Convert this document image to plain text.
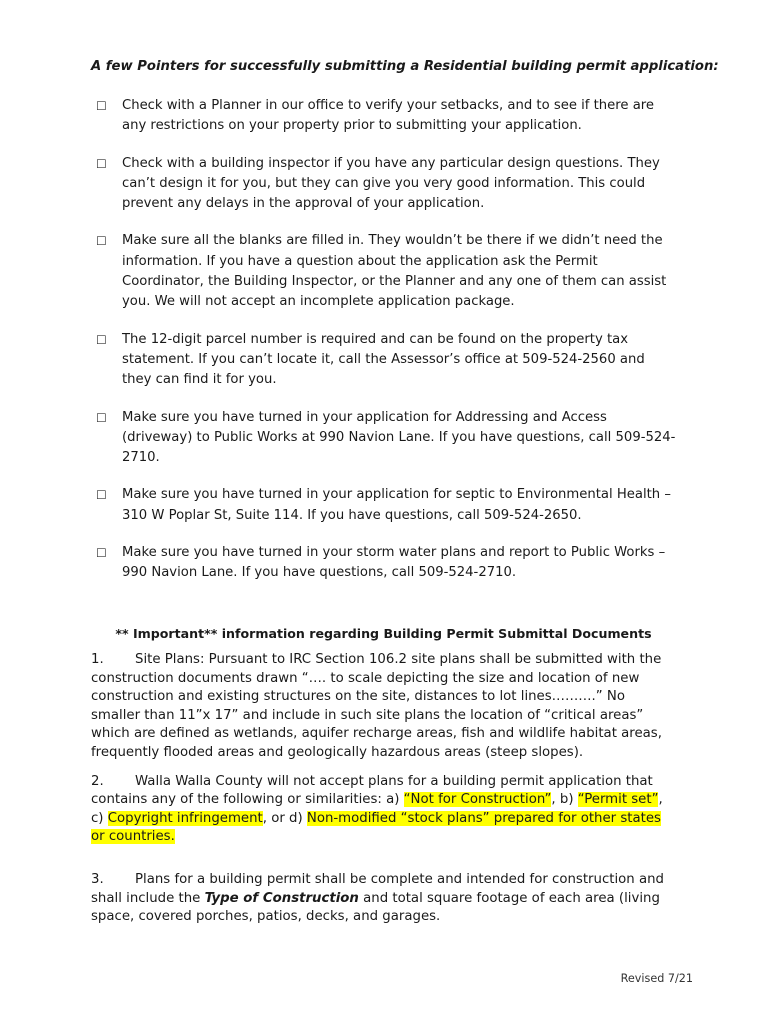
A few Pointers for successfully submitting a Residential building permit application:
☐	Check with a Planner in our office to verify your setbacks, and to see if there are any restrictions on your property prior to submitting your application.
☐	Check with a building inspector if you have any particular design questions. They can’t design it for you, but they can give you very good information. This could prevent any delays in the approval of your application.
☐	Make sure all the blanks are filled in. They wouldn’t be there if we didn’t need the information. If you have a question about the application ask the Permit Coordinator, the Building Inspector, or the Planner and any one of them can assist you. We will not accept an incomplete application package.
☐	The 12-digit parcel number is required and can be found on the property tax statement. If you can’t locate it, call the Assessor’s office at 509-524-2560 and they can find it for you.
☐	Make sure you have turned in your application for Addressing and Access (driveway) to Public Works at 990 Navion Lane. If you have questions, call 509-524-2710.
☐	Make sure you have turned in your application for septic to Environmental Health – 310 W Poplar St, Suite 114. If you have questions, call 509-524-2650.
☐	Make sure you have turned in your storm water plans and report to Public Works – 990 Navion Lane. If you have questions, call 509-524-2710.
** Important** information regarding Building Permit Submittal Documents
1. Site Plans: Pursuant to IRC Section 106.2 site plans shall be submitted with the construction documents drawn “…. to scale depicting the size and location of new construction and existing structures on the site, distances to lot lines……….” No smaller than 11”x 17” and include in such site plans the location of “critical areas” which are defined as wetlands, aquifer recharge areas, fish and wildlife habitat areas, frequently flooded areas and geologically hazardous areas (steep slopes).
2. Walla Walla County will not accept plans for a building permit application that contains any of the following or similarities: a) “Not for Construction”, b) “Permit set”, c) Copyright infringement, or d) Non-modified “stock plans” prepared for other states or countries.
3. Plans for a building permit shall be complete and intended for construction and shall include the Type of Construction and total square footage of each area (living space, covered porches, patios, decks, and garages.
Revised 7/21
